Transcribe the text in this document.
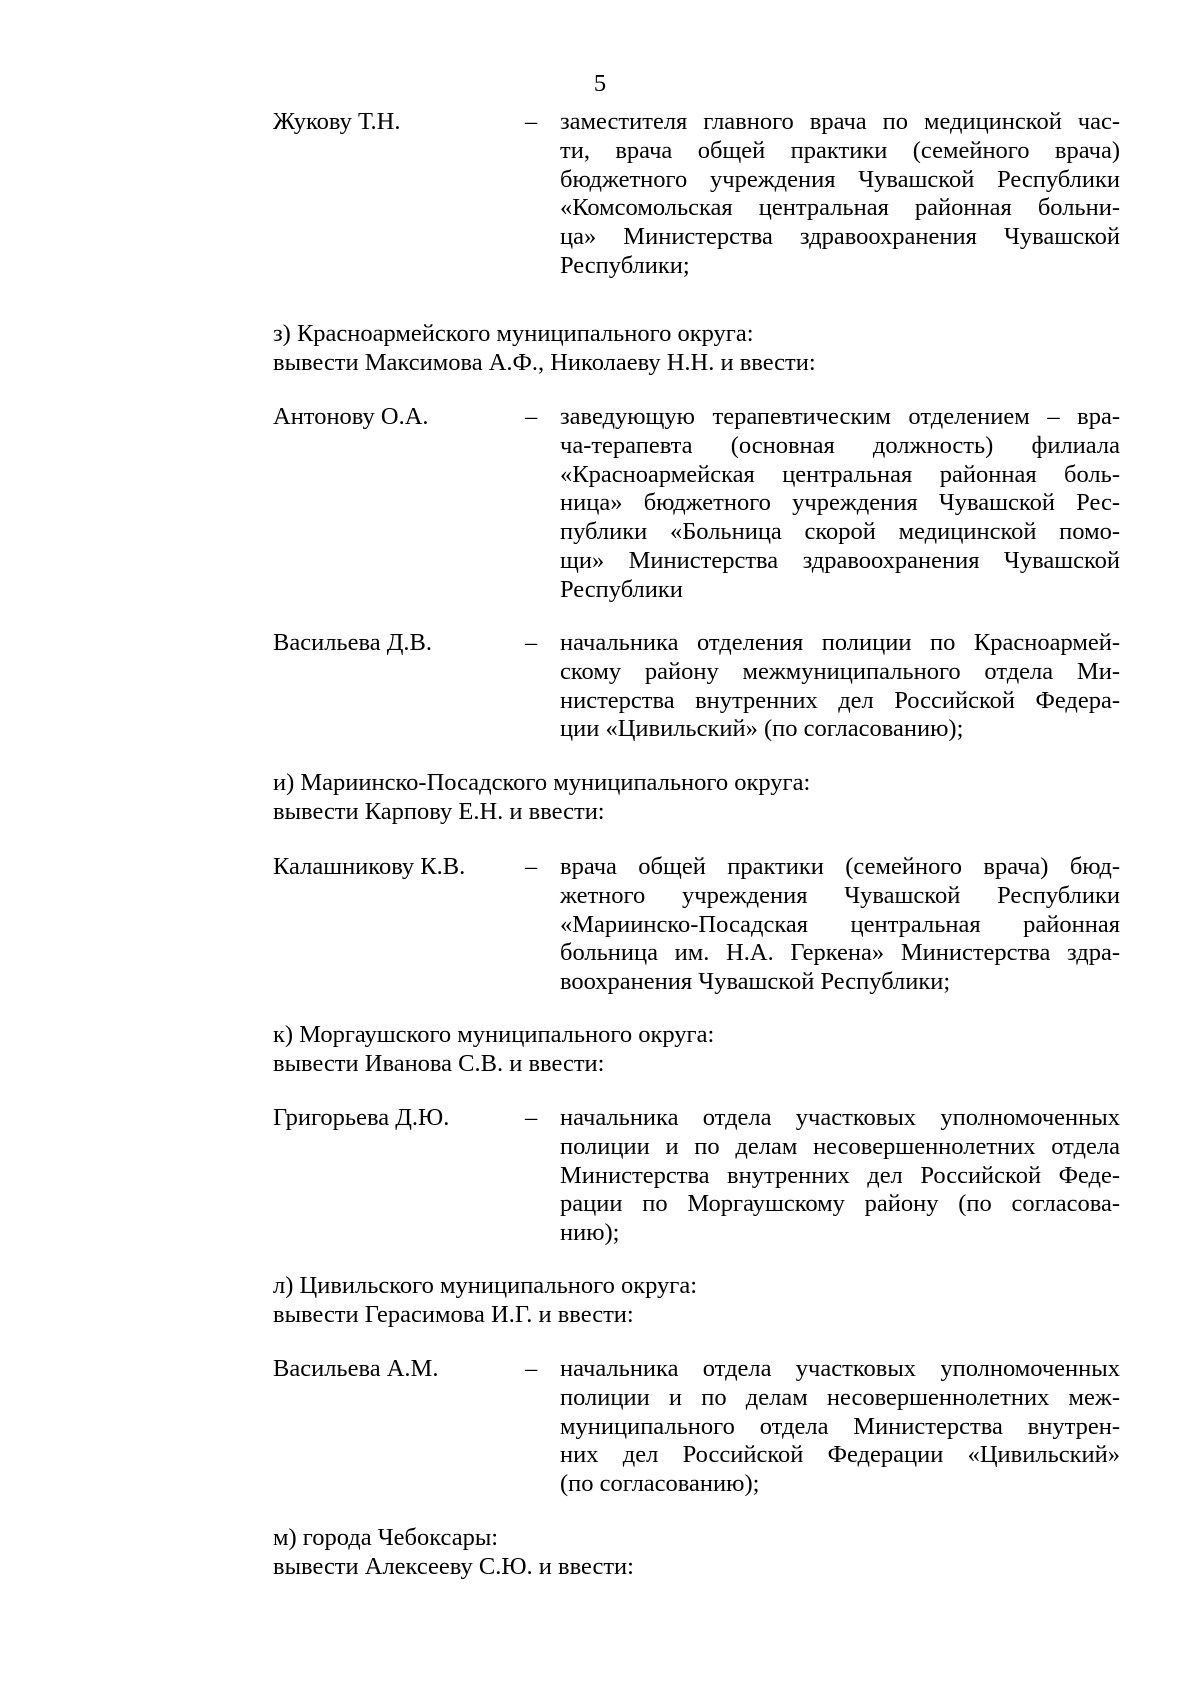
5
Жукову Т.Н.	– заместителя главного врача по медицинской час-
ти, врача общей практики (семейного врача)
бюджетного учреждения Чувашской Республики
«Комсомольская центральная районная больни-
ца» Министерства здравоохранения Чувашской
Республики;
з) Красноармейского муниципального округа:
вывести Максимова А.Ф., Николаеву Н.Н. и ввести:
Антонову О.А.	– заведующую терапевтическим отделением – вра-
ча-терапевта (основная должность) филиала
«Красноармейская центральная районная боль-
ница» бюджетного учреждения Чувашской Рес-
публики «Больница скорой медицинской помо-
щи» Министерства здравоохранения Чувашской
Республики
Васильева Д.В.	– начальника отделения полиции по Красноармей-
скому району межмуниципального отдела Ми-
нистерства внутренних дел Российской Федера-
ции «Цивильский» (по согласованию);
и) Мариинско-Посадского муниципального округа:
вывести Карпову Е.Н. и ввести:
Калашникову К.В. – врача общей практики (семейного врача) бюд-
жетного учреждения Чувашской Республики
«Мариинско-Посадская центральная районная
больница им. Н.А. Геркена» Министерства здра-
воохранения Чувашской Республики;
к) Моргаушского муниципального округа:
вывести Иванова С.В. и ввести:
Григорьева Д.Ю.	– начальника отдела участковых уполномоченных
полиции и по делам несовершеннолетних отдела
Министерства внутренних дел Российской Феде-
рации по Моргаушскому району (по согласова-
нию);
л) Цивильского муниципального округа:
вывести Герасимова И.Г. и ввести:
Васильева А.М.	– начальника отдела участковых уполномоченных
полиции и по делам несовершеннолетних меж-
муниципального отдела Министерства внутрен-
них дел Российской Федерации «Цивильский»
(по согласованию);
м) города Чебоксары:
вывести Алексееву С.Ю. и ввести:
